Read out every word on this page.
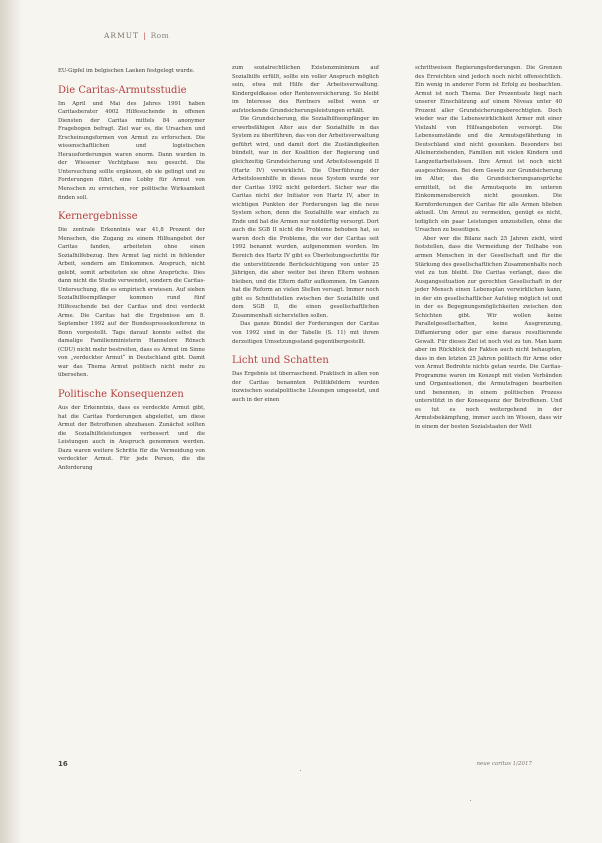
ARMUT | Rom

EU-Gipfel im belgischen Laeken festgelegt wurde.

Die Caritas-Armutsstudie

Im April und Mai des Jahres 1991 haben Caritasberater 4002 Hilfesuchende in offenen Diensten der Caritas mittels 84 anonymer Fragebogen befragt. Ziel war es, die Ursachen und Erscheinungsformen von Armut zu erforschen. Die wissenschaftlichen und logistischen Herausforderungen waren enorm. Dann wurden in der Wiesener Vechtphase neu gesucht. Die Untersuchung sollte ergänzen, ob sie gelingt und zu Forderungen führt, eine Lobby für Armut von Menschen zu erreichen, vor politische Wirksamkeit finden soll.

Kernergebnisse

Die zentrale Erkenntnis war 41,8 Prozent der Menschen, die Zugang zu einem Hilfeangebot der Caritas fanden, arbeiteten ohne einen Sozialhilfebezug. Ihre Armut lag nicht in fehlender Arbeit, sondern am Einkommen. Anspruch, nicht gelebt, somit arbeiteten sie ohne Ansprüche. Dies dann nicht die Studie verwendet, sondern die Caritas-Untersuchung, die es empirisch erwiesen. Auf sieben Sozialhilfeempfänger kommen rund fünf Hilfesuchende bei der Caritas und drei verdeckt Arme. Die Caritas hat die Ergebnisse am 8. September 1992 auf der Bundespressekonferenz in Bonn vorgestellt. Tags darauf konnte selbst die damalige Familienministerin Hannelore Rönsch (CDU) nicht mehr bestreiten, dass es Armut im Sinne von „verdeckter Armut“ in Deutschland gibt. Damit war das Thema Armut politisch nicht mehr zu übersehen.

Politische Konsequenzen

Aus der Erkenntnis, dass es verdeckte Armut gibt, hat die Caritas Forderungen abgeleitet, um diese Armut der Betroffenen abzubauen. Zunächst sollten die Sozialhilfeleistungen verbessert und die Leistungen auch in Anspruch genommen werden. Dazu waren weitere Schritte für die Vermeidung von verdeckter Armut. Für jede Person, die die Anforderung

zum sozialrechtlichen Existenzminimum auf Sozialhilfe erfüllt, sollte ein voller Anspruch möglich sein, etwa mit Hilfe der Arbeitsverwaltung. Kindergeldkasse oder Rentenversicherung. So bleibt im Interesse des Rentners selbst wenn er aufstockende Grundsicherungsleistungen erhält.

Die Grundsicherung, die Sozialhilfeempfänger im erwerbsfähigen Alter aus der Sozialhilfe in das System zu überführen, das von der Arbeitsverwaltung geführt wird, und damit dort die Zuständigkeiten bündelt, war in der Koalition der Regierung und gleichzeitig Grundsicherung und Arbeitslosengeld II (Hartz IV) verwirklicht. Die Überführung der Arbeitslosenhilfe in dieses neue System wurde vor der Caritas 1992 nicht gefordert. Sicher war die Caritas nicht der Initiator von Hartz IV, aber in wichtigen Punkten der Forderungen lag die neue System schon, denn die Sozialhilfe war einfach zu Ende und hat die Armen nur notdürftig versorgt. Dort auch die SGB II nicht die Probleme behoben hat, so waren doch die Probleme, die vor der Caritas seit 1992 benannt wurden, aufgenommen worden. Im Bereich des Hartz IV gibt es Überleitungsschritte für die unterstützende Berücksichtigung von unter 25 Jährigen, die aber weiter bei ihren Eltern wohnen bleiben, und die Eltern dafür aufkommen. Im Ganzen hat die Reform an vielen Stellen versagt. Immer noch gibt es Schnittstellen zwischen der Sozialhilfe und dem SGB II, die einen gesellschaftlichen Zusammenhalt sicherstellen sollen.

Das ganze Bündel der Forderungen der Caritas von 1992 sind in der Tabelle (S. 11) mit ihrem derzeitigen Umsetzungsstand gegenübergestellt.

Licht und Schatten

Das Ergebnis ist überraschend. Praktisch in allen von der Caritas benannten Politikfeldern wurden inzwischen sozialpolitische Lösungen umgesetzt, und auch in der einen

schrittweisen Regierungsforderungen. Die Grenzen des Erreichten sind jedoch noch nicht offensichtlich. Ein wenig in anderer Form ist Erfolg zu beobachten. Armut ist noch Thema. Der Prozentsatz liegt nach unserer Einschätzung auf einem Niveau unter 40 Prozent aller Grundsicherungsberechtigten. Doch wieder war die Lebenswirklichkeit Armer mit einer Vielzahl von Hilfsangeboten versorgt. Die Lebensumstände und die Armutsgefährdung in Deutschland sind nicht gesunken. Besonders bei Alleinerziehenden, Familien mit vielen Kindern und Langzeitarbeitslosen. Ihre Armut ist noch nicht ausgeschlossen. Bei dem Gesetz zur Grundsicherung im Alter, das die Grundsicherungsansprüche ermittelt, ist die Armutsquote im unteren Einkommensbereich nicht gesunken. Die Kernforderungen der Caritas für alle Armen blieben aktuell. Um Armut zu vermeiden, genügt es nicht, lediglich ein paar Leistungen umzustellen, ohne die Ursachen zu beseitigen.

Aber wer die Bilanz nach 25 Jahren zieht, wird feststellen, dass die Vermeidung der Teilhabe von armen Menschen in der Gesellschaft und für die Stärkung des gesellschaftlichen Zusammenhalts noch viel zu tun bleibt. Die Caritas verlangt, dass die Ausgangssituation zur gerechten Gesellschaft in der jeder Mensch einen Lebensplan verwirklichen kann, in der ein gesellschaftlicher Aufstieg möglich ist und in der es Begegnungsmöglichkeiten zwischen den Schichten gibt. Wir wollen keine Parallelgesellschaften, keine Ausgrenzung, Diffamierung oder gar eine daraus resultierende Gewalt. Für dieses Ziel ist noch viel zu tun. Man kann aber im Rückblick der Fakten auch nicht behaupten, dass in den letzten 25 Jahren politisch für Arme oder von Armut Bedrohte nichts getan wurde. Die Caritas-Programme waren im Konzept mit vielen Verbänden und Organisationen, die Armutsfragen bearbeiten und benennen, in einem politischen Prozess unterstützt in der Konsequenz der Betroffenen. Und es tut es noch weitergehend in der Armutsbekämpfung, immer auch im Wissen, dass wir in einem der besten Sozialstaaten der Welt

16	neue caritas 1/2017
